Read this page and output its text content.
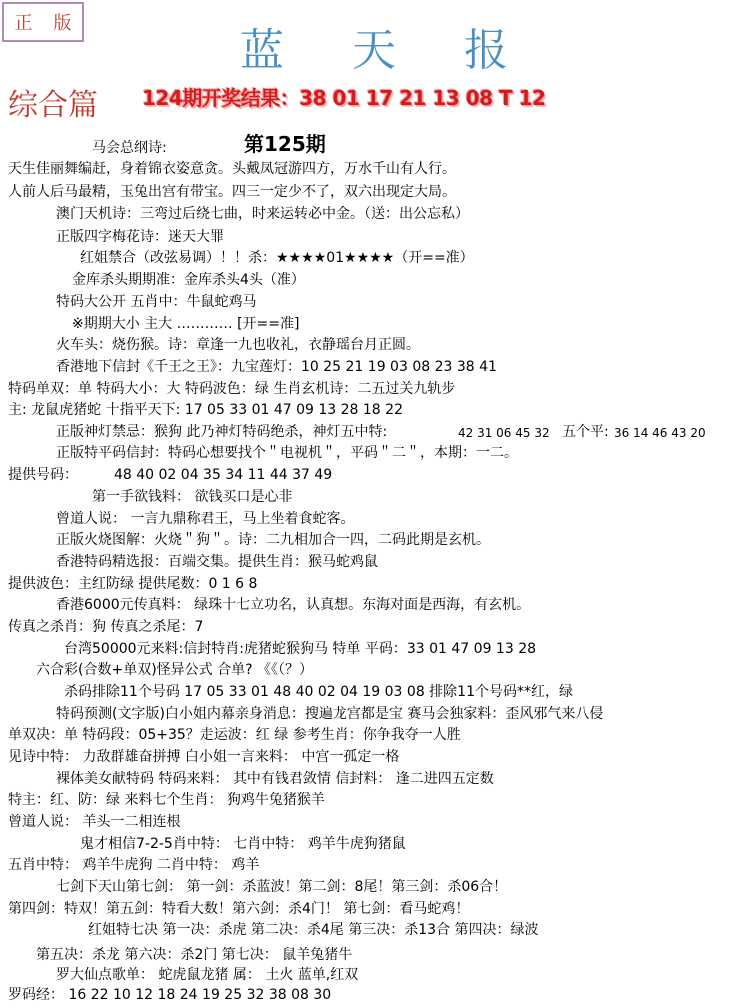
正 版
蓝 天 报
综合篇 124期开奖结果：38 01 17 21 13 08 T 12
第125期
马会总纲诗:
天生佳丽舞编赶，身着锦衣姿意贪。头戴凤冠游四方，万水千山有人行。
人前人后马最精，玉兔出宫有带宝。四三一定少不了，双六出现定大局。
澳门天机诗：三弯过后绕七曲，时来运转必中金。（送：出公忘私）
正版四字梅花诗：迷天大罪
红姐禁合（改弦易调）！！杀：★★★★01★★★★（开==准）
金库杀头期期准：金库杀头4头（准）
特码大公开 五肖中：牛鼠蛇鸡马
※期期大小 主大 ………… [开==准]
火车头：烧伤猴。诗：章逢一九也收礼，衣静瑶台月正圆。
香港地下信封《千王之王》：九宝莲灯：10 25 21 19 03 08 23 38 41
特码单双：单 特码大小：大 特码波色：绿 生肖玄机诗：二五过关九轨步
主: 龙鼠虎猪蛇 十指平天下: 17 05 33 01 47 09 13 28 18 22
正版神灯禁忌：猴狗 此乃神灯特码绝杀，神灯五中特:	42 31 06 45 32 五个平: 36 14 46 43 20
正版特平码信封：特码心想要找个＂电视机＂，平码＂二＂，本期：一二。
提供号码：	48 40 02 04 35 34 11 44 37 49
第一手欲钱料： 欲钱买口是心非
曾道人说： 一言九鼎称君王，马上坐着食蛇客。
正版火烧图解：火烧＂狗＂。诗：二九相加合一四，二码此期是玄机。
香港特码精选报：百端交集。提供生肖：猴马蛇鸡鼠
提供波色：主红防绿 提供尾数：0 1 6 8
香港6000元传真料： 绿珠十七立功名，认真想。东海对面是西海，有玄机。
传真之杀肖：狗 传真之杀尾：7
台湾50000元来料:信封特肖:虎猪蛇猴狗马 特单 平码：33 01 47 09 13 28
六合彩(合数+单双)怪异公式 合单? 《《（？）
杀码排除11个号码 17 05 33 01 48 40 02 04 19 03 08 排除11个号码**红，绿
特码预测(文字版)白小姐内幕亲身消息：搜遍龙宫都是宝 赛马会独家料：歪风邪气来八侵
单双决：单 特码段：05+35？走运波：红 绿 参考生肖：你争我夺一人胜
见诗中特： 力敌群雄奋拼搏 白小姐一言来料： 中宫一孤定一格
裸体美女献特码 特码来料： 其中有钱君敛情 信封料： 逢二进四五定数
特主：红、防：绿 来料七个生肖： 狗鸡牛兔猪猴羊
曾道人说： 羊头一二相连根
鬼才相信7-2-5肖中特： 七肖中特： 鸡羊牛虎狗猪鼠
五肖中特： 鸡羊牛虎狗 二肖中特： 鸡羊
七剑下天山第七剑： 第一剑：杀蓝波！第二剑：8尾！第三剑：杀06合！
第四剑：特双！第五剑：特看大数！第六剑：杀4门！ 第七剑：看马蛇鸡！
红姐特七决 第一决：杀虎 第二决：杀4尾 第三决：杀13合 第四决：绿波
第五决：杀龙 第六决：杀2门 第七决： 鼠羊兔猪牛
罗大仙点歌单： 蛇虎鼠龙猪 属： 土火 蓝单,红双
罗码经： 16 22 10 12 18 24 19 25 32 38 08 30
